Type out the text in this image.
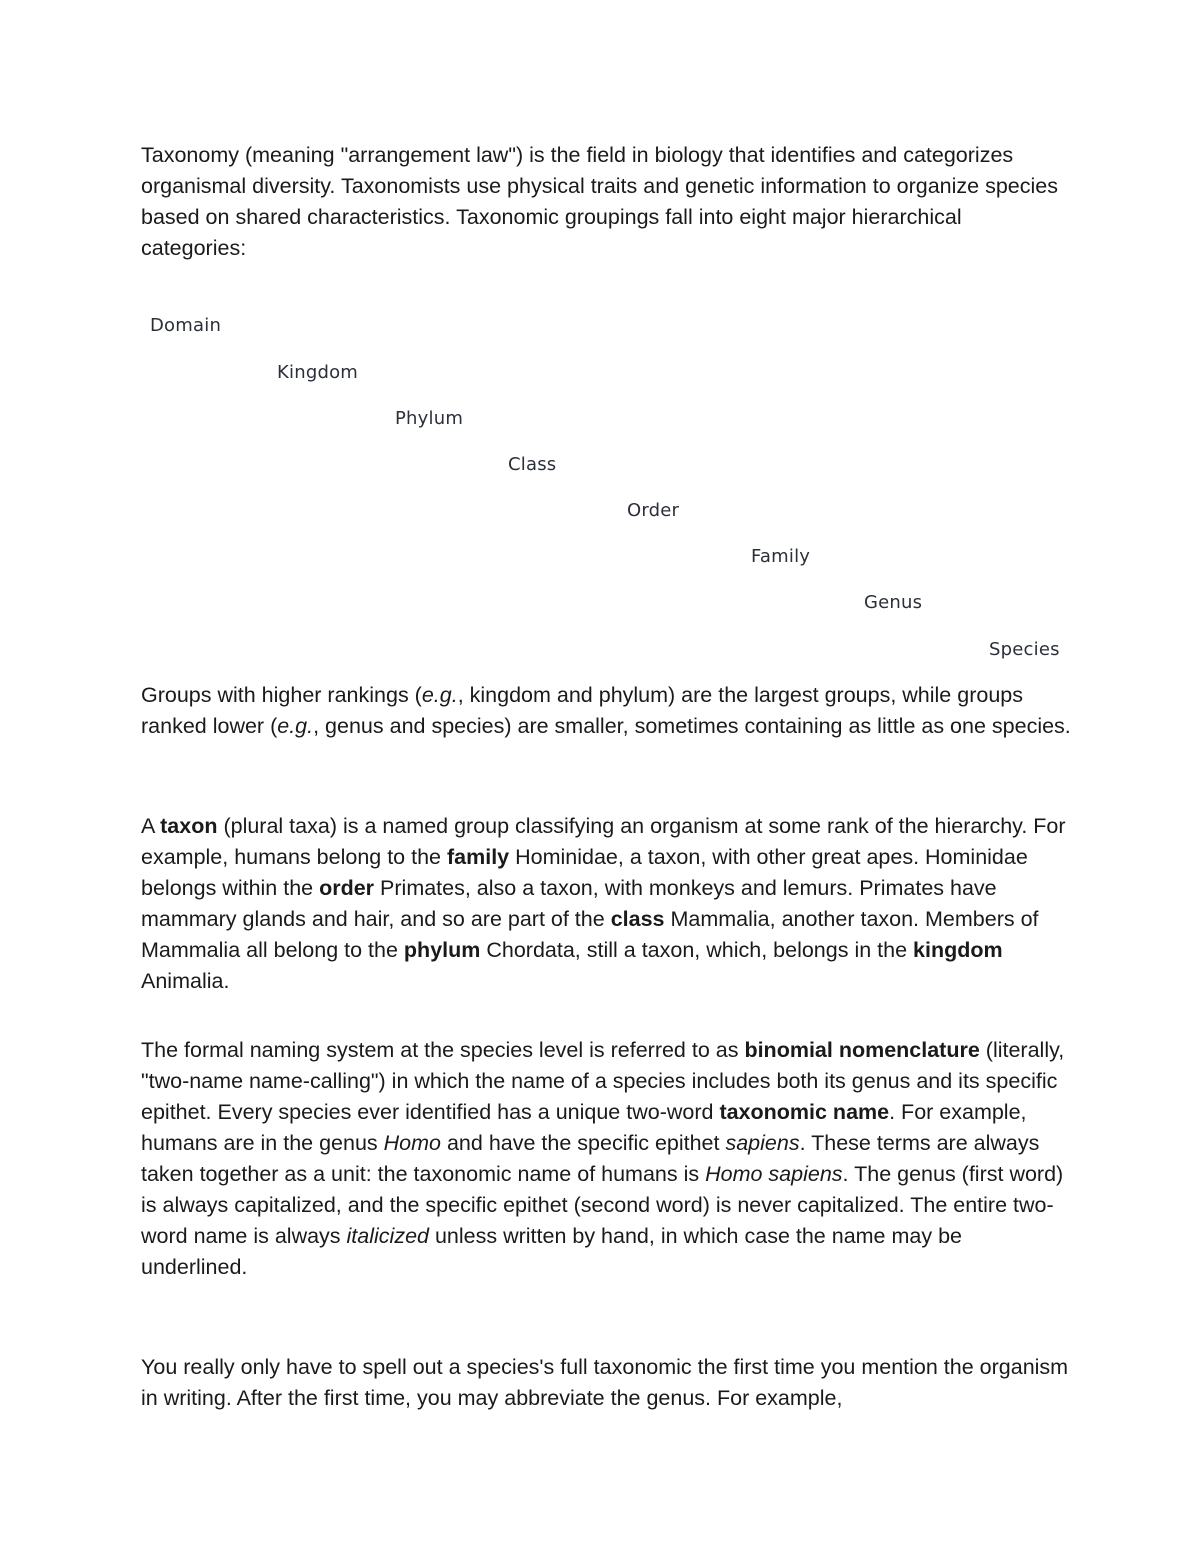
Taxonomy (meaning "arrangement law") is the field in biology that identifies and categorizes organismal diversity. Taxonomists use physical traits and genetic information to organize species based on shared characteristics. Taxonomic groupings fall into eight major hierarchical categories:

Groups with higher rankings (e.g., kingdom and phylum) are the largest groups, while groups ranked lower (e.g., genus and species) are smaller, sometimes containing as little as one species.

A taxon (plural taxa) is a named group classifying an organism at some rank of the hierarchy. For example, humans belong to the family Hominidae, a taxon, with other great apes. Hominidae belongs within the order Primates, also a taxon, with monkeys and lemurs. Primates have mammary glands and hair, and so are part of the class Mammalia, another taxon. Members of Mammalia all belong to the phylum Chordata, still a taxon, which, belongs in the kingdom Animalia.

The formal naming system at the species level is referred to as binomial nomenclature (literally, "two-name name-calling") in which the name of a species includes both its genus and its specific epithet. Every species ever identified has a unique two-word taxonomic name. For example, humans are in the genus Homo and have the specific epithet sapiens. These terms are always taken together as a unit: the taxonomic name of humans is Homo sapiens. The genus (first word) is always capitalized, and the specific epithet (second word) is never capitalized. The entire two-word name is always italicized unless written by hand, in which case the name may be underlined.

You really only have to spell out a species's full taxonomic the first time you mention the organism in writing. After the first time, you may abbreviate the genus. For example,

Domain
Kingdom
Phylum
Class
Order
Family
Genus
Species
